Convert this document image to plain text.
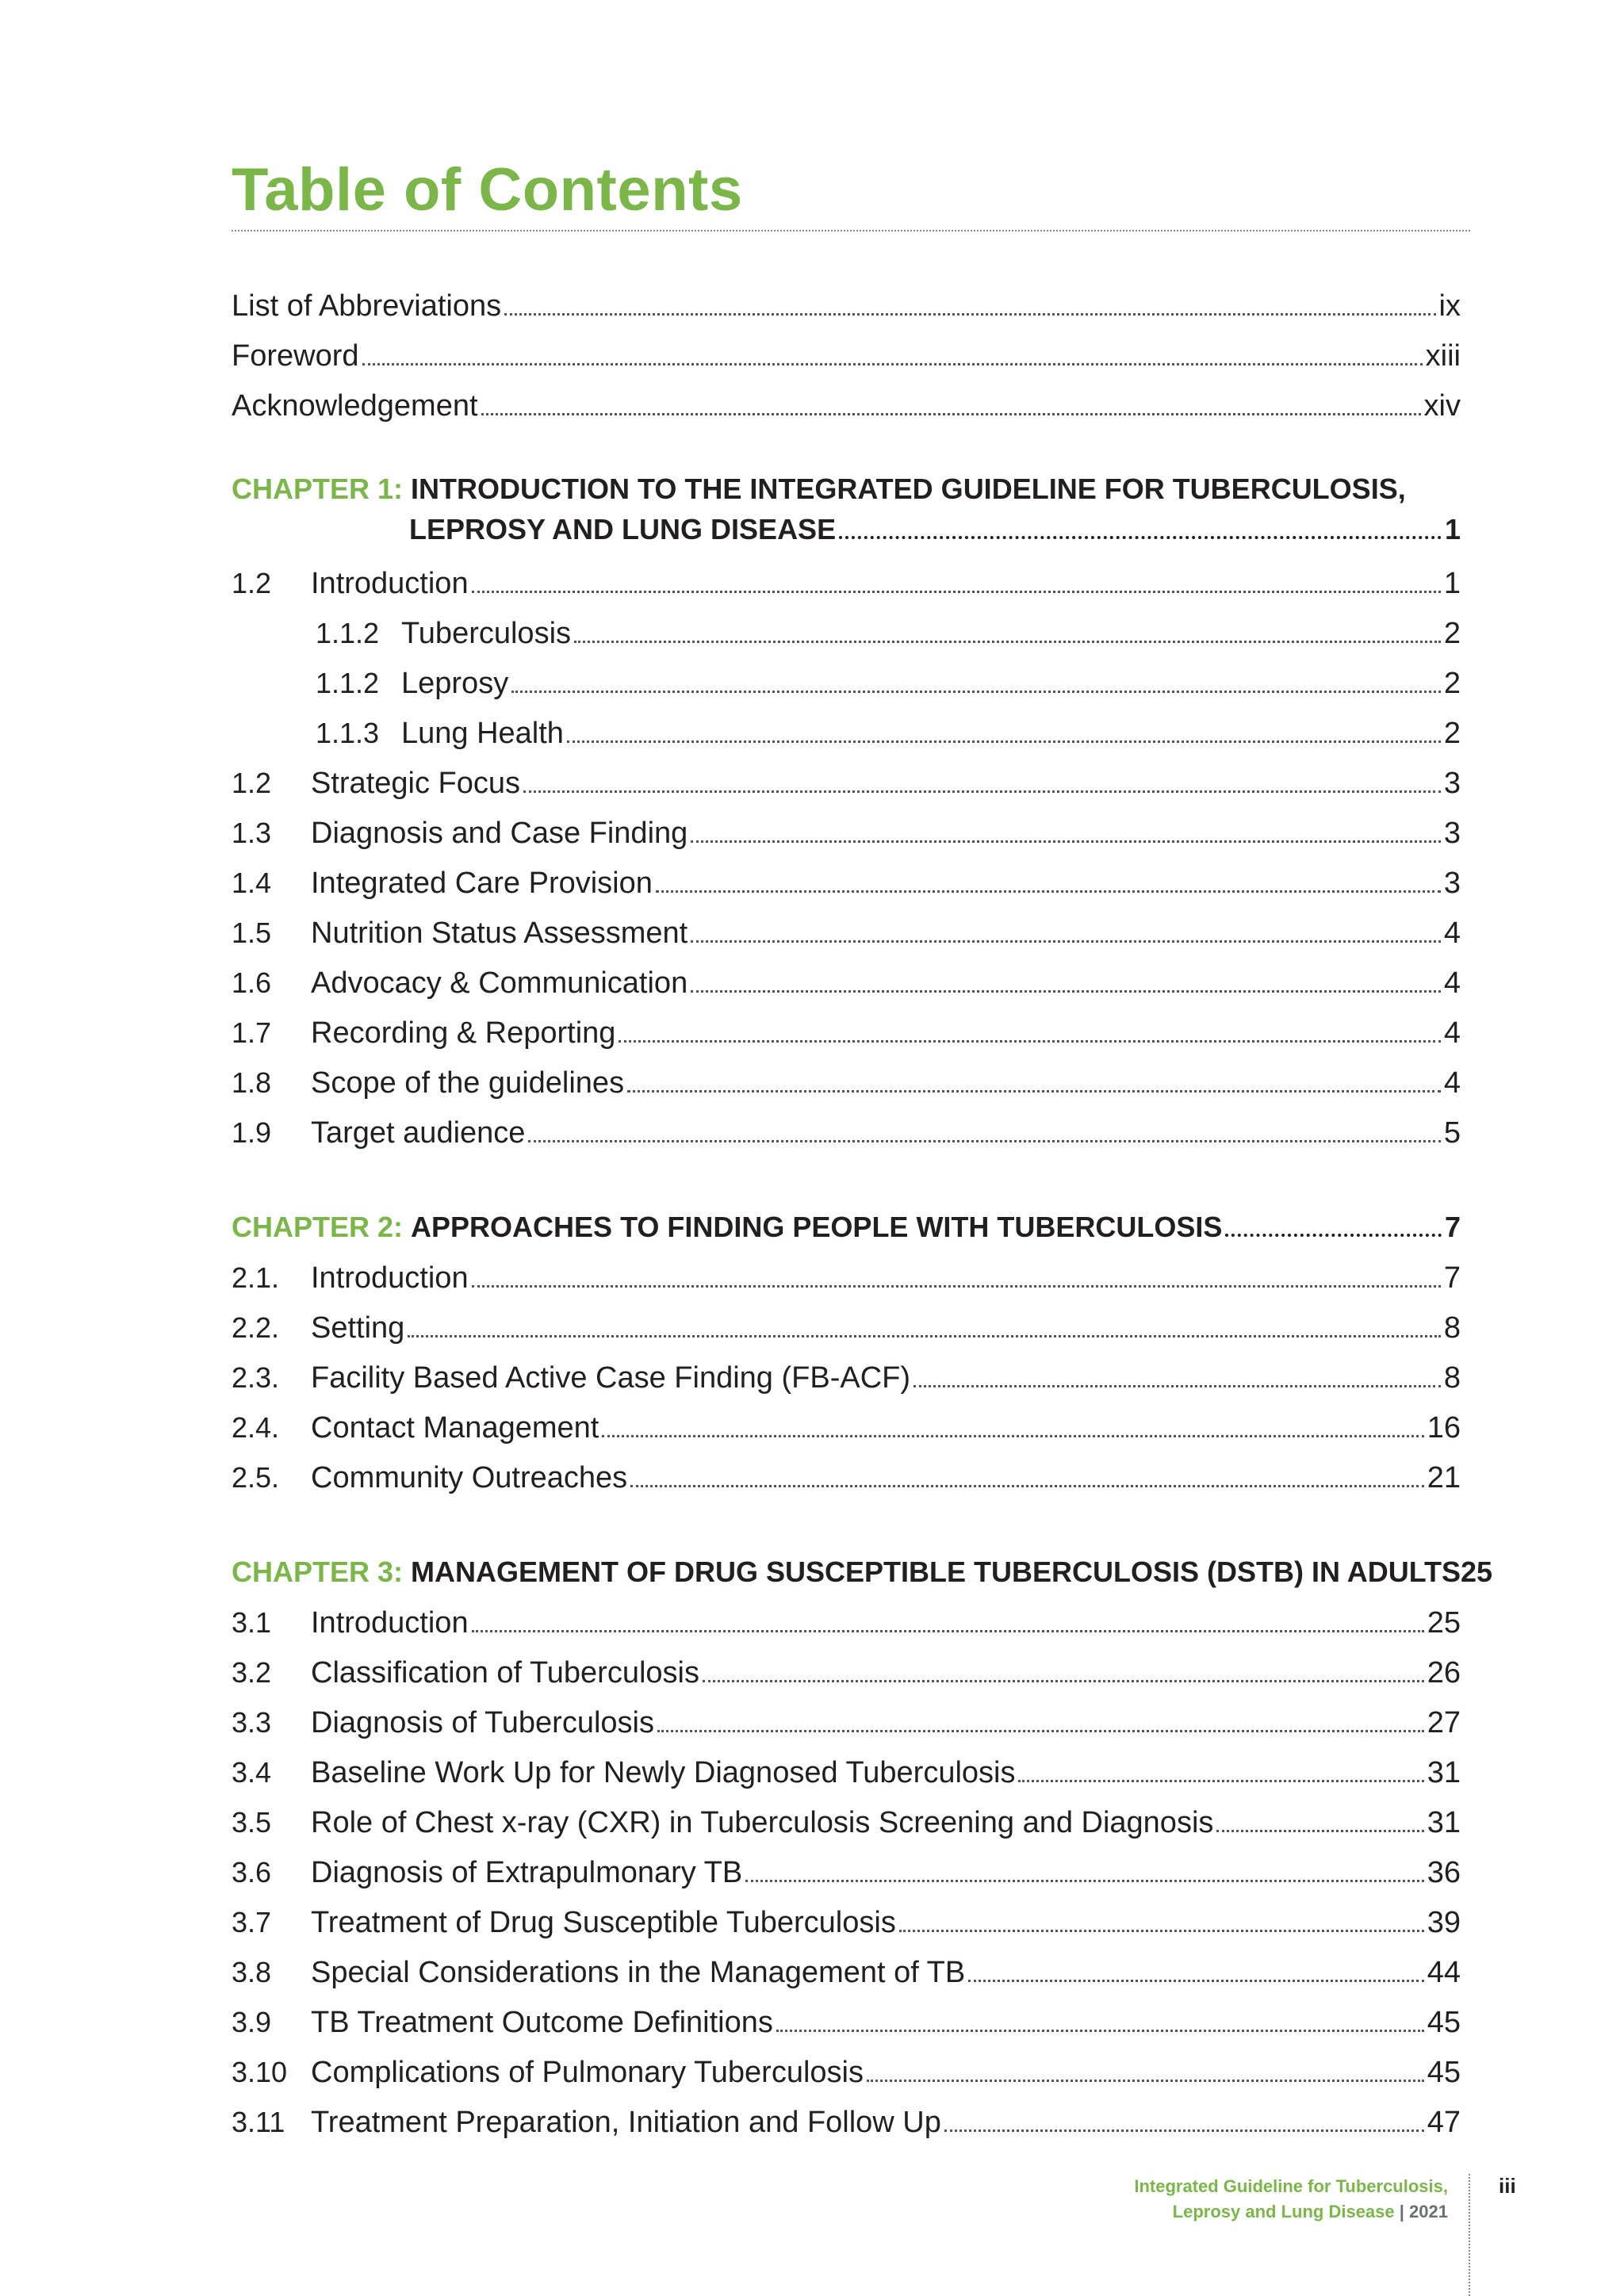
Table of Contents
List of Abbreviations	ix
Foreword	xiii
Acknowledgement	xiv
CHAPTER 1: INTRODUCTION TO THE INTEGRATED GUIDELINE FOR TUBERCULOSIS,
LEPROSY AND LUNG DISEASE	1
1.2	Introduction	1
1.1.2 Tuberculosis	2
1.1.2 Leprosy	2
1.1.3 Lung Health	2
1.2	Strategic Focus	3
1.3	Diagnosis and Case Finding	3
1.4	Integrated Care Provision	3
1.5	Nutrition Status Assessment	4
1.6	Advocacy & Communication	4
1.7	Recording & Reporting	4
1.8	Scope of the guidelines	4
1.9	Target audience	5
CHAPTER 2: APPROACHES TO FINDING PEOPLE WITH TUBERCULOSIS	7
2.1.	Introduction	7
2.2.	Setting	8
2.3.	Facility Based Active Case Finding (FB-ACF)	8
2.4.	Contact Management	16
2.5.	Community Outreaches	21
CHAPTER 3: MANAGEMENT OF DRUG SUSCEPTIBLE TUBERCULOSIS (DSTB) IN ADULTS 25
3.1	Introduction	25
3.2	Classification of Tuberculosis	26
3.3	Diagnosis of Tuberculosis	27
3.4	Baseline Work Up for Newly Diagnosed Tuberculosis	31
3.5	Role of Chest x-ray (CXR) in Tuberculosis Screening and Diagnosis	31
3.6	Diagnosis of Extrapulmonary TB	36
3.7	Treatment of Drug Susceptible Tuberculosis	39
3.8	Special Considerations in the Management of TB	44
3.9	TB Treatment Outcome Definitions	45
3.10 Complications of Pulmonary Tuberculosis	45
3.11 Treatment Preparation, Initiation and Follow Up	47
Integrated Guideline for Tuberculosis,
Leprosy and Lung Disease | 2021
iii
